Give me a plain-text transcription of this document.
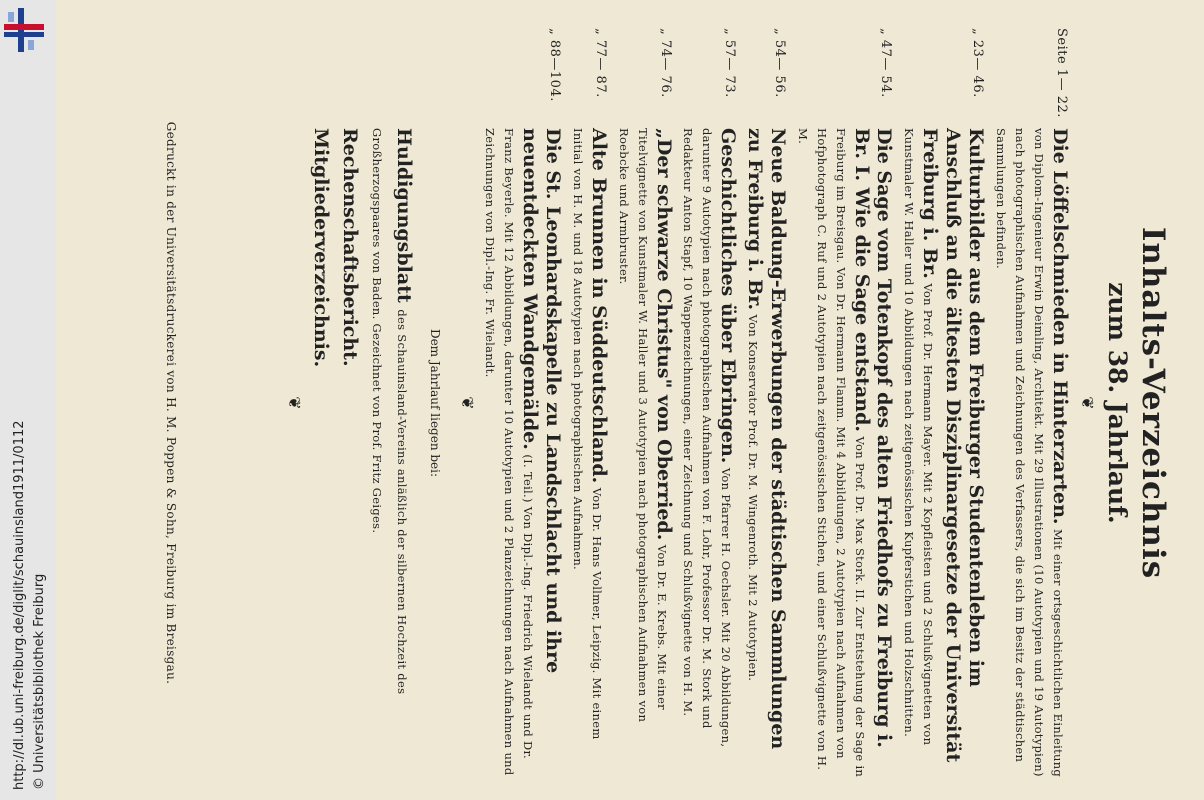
http://dl.ub.uni-freiburg.de/diglit/schauinsland1911/0112 © Universitätsbibliothek Freiburg

Inhalts-Verzeichnis

zum 38. Jahrlauf.

❦
Seite 1— 22.
Die Löffelschmieden in Hinterzarten. Mit einer ortsgeschichtlichen Einleitung von Diplom-Ingenieur Erwin Deimling, Architekt. Mit 29 Illustrationen (10 Autotypien und 19 Autotypien) nach photographischen Aufnahmen und Zeichnungen des Verfassers, die sich im Besitz der städtischen Sammlungen befinden.
„ 23— 46.
Kulturbilder aus dem Freiburger Studentenleben im Anschluß an die ältesten Disziplinargesetze der Universität Freiburg i. Br. Von Prof. Dr. Hermann Mayer. Mit 2 Kopfleisten und 2 Schlußvignetten von Kunstmaler W. Haller und 10 Abbildungen nach zeitgenössischen Kupferstichen und Holzschnitten.
„ 47— 54.
Die Sage vom Totenkopf des alten Friedhofs zu Freiburg i. Br. I. Wie die Sage entstand. Von Prof. Dr. Max Stork. II. Zur Entstehung der Sage in Freiburg im Breisgau. Von Dr. Hermann Flamm. Mit 4 Abbildungen, 2 Autotypien nach Aufnahmen von Hofphotograph C. Ruf und 2 Autotypien nach zeitgenössischen Stichen, und einer Schlußvignette von H. M.
„ 54— 56.
Neue Baldung-Erwerbungen der städtischen Sammlungen zu Freiburg i. Br. Von Konservator Prof. Dr. M. Wingenroth. Mit 2 Autotypien.
„ 57— 73.
Geschichtliches über Ebringen. Von Pfarrer H. Oechsler. Mit 20 Abbildungen, darunter 9 Autotypien nach photographischen Aufnahmen von F. Lohr, Professor Dr. M. Stork und Redakteur Anton Stapf, 10 Wappenzeichnungen, einer Zeichnung und Schlußvignette von H. M.
„ 74— 76.
„Der schwarze Christus" von Oberried. Von Dr. E. Krebs. Mit einer Titelvignette von Kunstmaler W. Haller und 3 Autotypien nach photographischen Aufnahmen von Roebcke und Armbruster.
„ 77— 87.
Alte Brunnen in Süddeutschland. Von Dr. Hans Vollmer, Leipzig. Mit einem Initial von H. M. und 18 Autotypien nach photographischen Aufnahmen.
„ 88—104.
Die St. Leonhardskapelle zu Landschlacht und ihre neuentdeckten Wandgemälde. (I. Teil.) Von Dipl.-Ing. Friedrich Wielandt und Dr. Franz Beyerle. Mit 12 Abbildungen, darunter 10 Autotypien und 2 Planzeichnungen nach Aufnahmen und Zeichnungen von Dipl.-Ing. Fr. Wielandt.
❦

Dem Jahrlauf liegen bei:

Huldigungsblatt des Schauinsland-Vereins anläßlich der silbernen Hochzeit des Großherzogspaares von Baden. Gezeichnet von Prof. Fritz Geiges.
Rechenschaftsbericht.
Mitgliederverzeichnis.
❦
Gedruckt in der Universitätsdruckerei von H. M. Poppen & Sohn, Freiburg im Breisgau.
